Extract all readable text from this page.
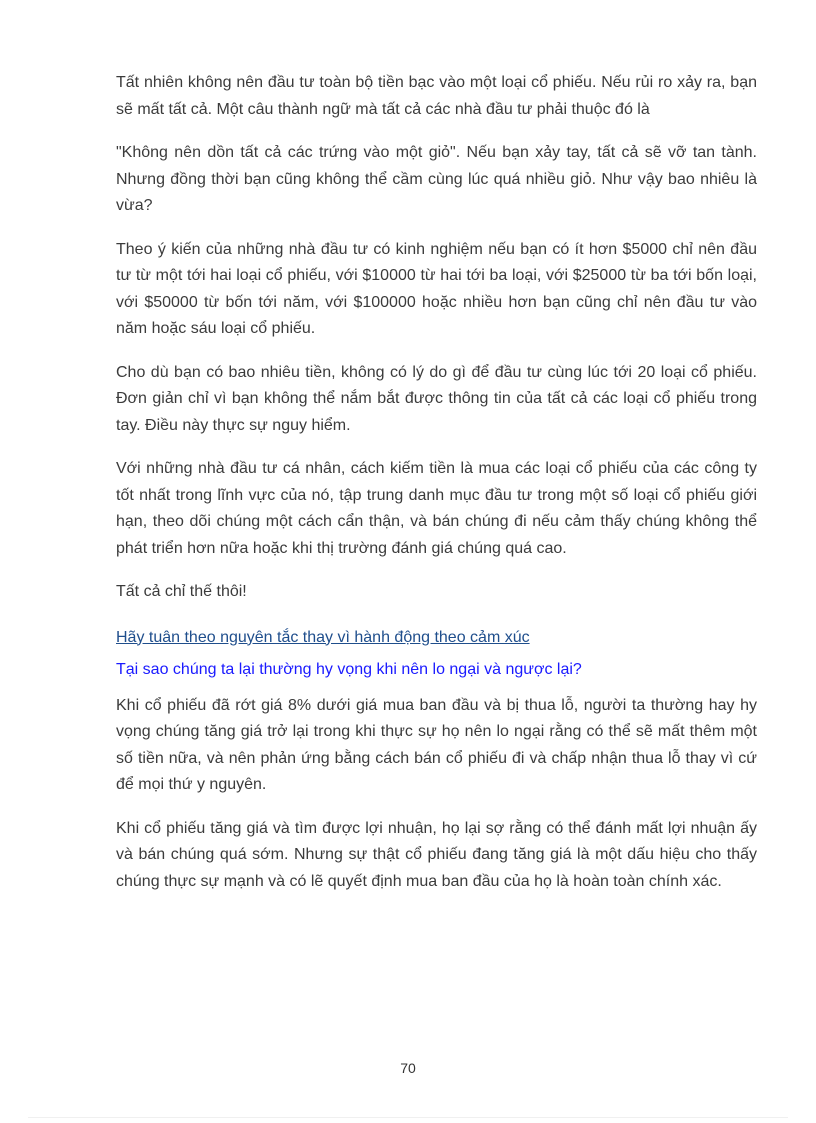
Tất nhiên không nên đầu tư toàn bộ tiền bạc vào một loại cổ phiếu. Nếu rủi ro xảy ra, bạn sẽ mất tất cả. Một câu thành ngữ mà tất cả các nhà đầu tư phải thuộc đó là

"Không nên dồn tất cả các trứng vào một giỏ". Nếu bạn xảy tay, tất cả sẽ vỡ tan tành. Nhưng đồng thời bạn cũng không thể cầm cùng lúc quá nhiều giỏ. Như vậy bao nhiêu là vừa?

Theo ý kiến của những nhà đầu tư có kinh nghiệm nếu bạn có ít hơn $5000 chỉ nên đầu tư từ một tới hai loại cổ phiếu, với $10000 từ hai tới ba loại, với $25000 từ ba tới bốn loại, với $50000 từ bốn tới năm, với $100000 hoặc nhiều hơn bạn cũng chỉ nên đầu tư vào năm hoặc sáu loại cổ phiếu.

Cho dù bạn có bao nhiêu tiền, không có lý do gì để đầu tư cùng lúc tới 20 loại cổ phiếu. Đơn giản chỉ vì bạn không thể nắm bắt được thông tin của tất cả các loại cổ phiếu trong tay. Điều này thực sự nguy hiểm.

Với những nhà đầu tư cá nhân, cách kiếm tiền là mua các loại cổ phiếu của các công ty tốt nhất trong lĩnh vực của nó, tập trung danh mục đầu tư trong một số loại cổ phiếu giới hạn, theo dõi chúng một cách cẩn thận, và bán chúng đi nếu cảm thấy chúng không thể phát triển hơn nữa hoặc khi thị trường đánh giá chúng quá cao.

Tất cả chỉ thế thôi!

Hãy tuân theo nguyên tắc thay vì hành động theo cảm xúc
Tại sao chúng ta lại thường hy vọng khi nên lo ngại và ngược lại?

Khi cổ phiếu đã rớt giá 8% dưới giá mua ban đầu và bị thua lỗ, người ta thường hay hy vọng chúng tăng giá trở lại trong khi thực sự họ nên lo ngại rằng có thể sẽ mất thêm một số tiền nữa, và nên phản ứng bằng cách bán cổ phiếu đi và chấp nhận thua lỗ thay vì cứ để mọi thứ y nguyên.

Khi cổ phiếu tăng giá và tìm được lợi nhuận, họ lại sợ rằng có thể đánh mất lợi nhuận ấy và bán chúng quá sớm. Nhưng sự thật cổ phiếu đang tăng giá là một dấu hiệu cho thấy chúng thực sự mạnh và có lẽ quyết định mua ban đầu của họ là hoàn toàn chính xác.

70
